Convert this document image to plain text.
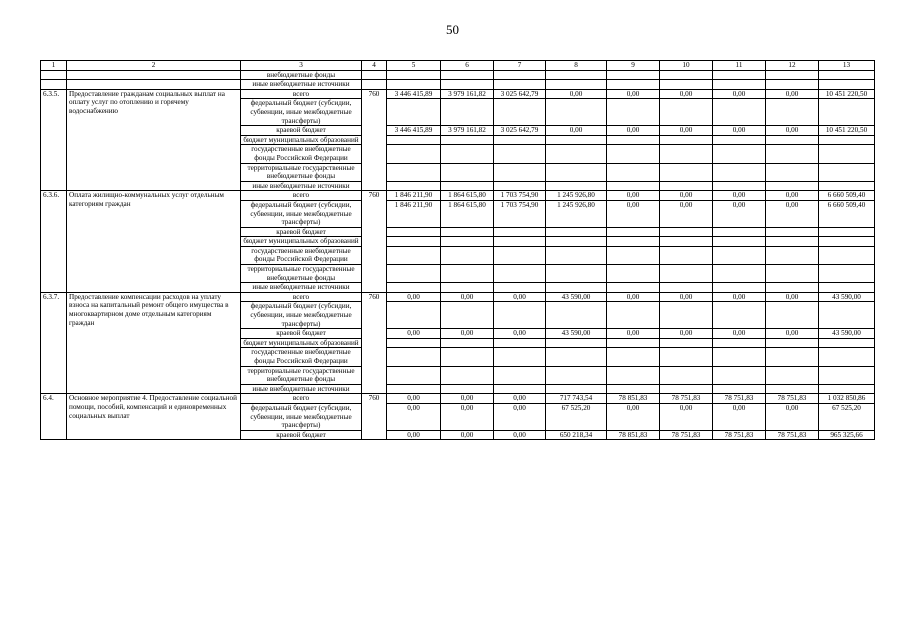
50
1	2	3	4	5	6	7	8	9	10	11	12	13
		внебюджетные фонды										
		иные внебюджетные источники										
6.3.5.	Предоставление гражданам социальных выплат на оплату услуг по отоплению и горячему водоснабжению	всего	760	3 446 415,89	3 979 161,82	3 025 642,79	0,00	0,00	0,00	0,00	0,00	10 451 220,50
		федеральный бюджет (субсидии, субвенции, иные межбюджетные трансферты)										
		краевой бюджет		3 446 415,89	3 979 161,82	3 025 642,79	0,00	0,00	0,00	0,00	0,00	10 451 220,50
		бюджет муниципальных образований										
		государственные внебюджетные фонды Российской Федерации										
		территориальные государственные внебюджетные фонды										
		иные внебюджетные источники										
6.3.6.	Оплата жилищно-коммунальных услуг отдельным категориям граждан	всего	760	1 846 211,90	1 864 615,80	1 703 754,90	1 245 926,80	0,00	0,00	0,00	0,00	6 660 509,40
		федеральный бюджет (субсидии, субвенции, иные межбюджетные трансферты)		1 846 211,90	1 864 615,80	1 703 754,90	1 245 926,80	0,00	0,00	0,00	0,00	6 660 509,40
		краевой бюджет										
		бюджет муниципальных образований										
		государственные внебюджетные фонды Российской Федерации										
		территориальные государственные внебюджетные фонды										
		иные внебюджетные источники										
6.3.7.	Предоставление компенсации расходов на уплату взноса на капитальный ремонт общего имущества в многоквартирном доме отдельным категориям граждан	всего	760	0,00	0,00	0,00	43 590,00	0,00	0,00	0,00	0,00	43 590,00
		федеральный бюджет (субсидии, субвенции, иные межбюджетные трансферты)										
		краевой бюджет		0,00	0,00	0,00	43 590,00	0,00	0,00	0,00	0,00	43 590,00
		бюджет муниципальных образований										
		государственные внебюджетные фонды Российской Федерации										
		территориальные государственные внебюджетные фонды										
		иные внебюджетные источники										
6.4.	Основное мероприятие 4. Предоставление социальной помощи, пособий, компенсаций и единовременных социальных выплат	всего	760	0,00	0,00	0,00	717 743,54	78 851,83	78 751,83	78 751,83	78 751,83	1 032 850,86
		федеральный бюджет (субсидии, субвенции, иные межбюджетные трансферты)		0,00	0,00	0,00	67 525,20	0,00	0,00	0,00	0,00	67 525,20
		краевой бюджет		0,00	0,00	0,00	650 218,34	78 851,83	78 751,83	78 751,83	78 751,83	965 325,66
